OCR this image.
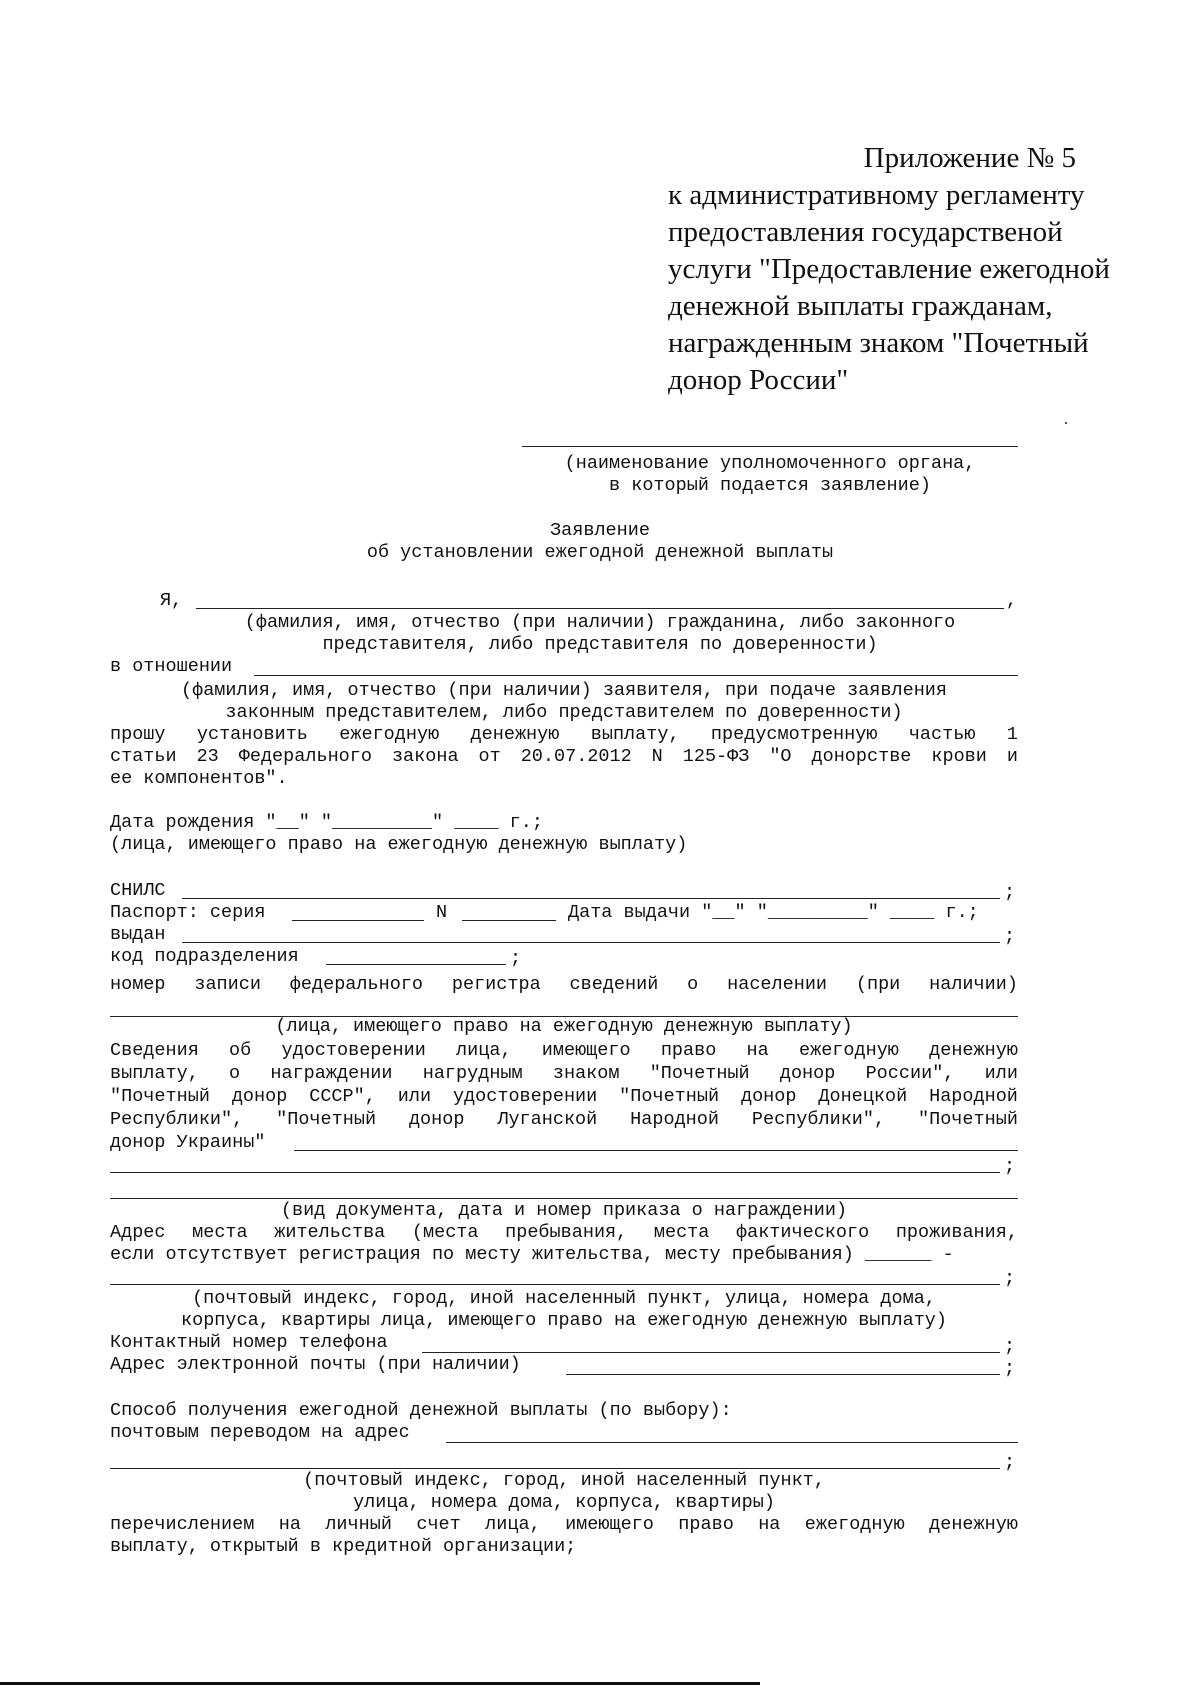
Приложение № 5
к административному регламенту
предоставления государственой
услуги "Предоставление ежегодной
денежной выплаты гражданам,
награжденным знаком "Почетный
донор России"
(наименование уполномоченного органа,
в который подается заявление)
Заявление
об установлении ежегодной денежной выплаты
Я,	,
(фамилия, имя, отчество (при наличии) гражданина, либо законного
представителя, либо представителя по доверенности)
в отношении
(фамилия, имя, отчество (при наличии) заявителя, при подаче заявления
законным представителем, либо представителем по доверенности)
прошу установить ежегодную денежную выплату, предусмотренную частью 1
статьи 23 Федерального закона от 20.07.2012 N 125-ФЗ "О донорстве крови и
ее компонентов".
Дата рождения "__" "_________" ____ г.;
(лица, имеющего право на ежегодную денежную выплату)
СНИЛС	;
Паспорт: серия	N	Дата выдачи "__" "_________" ____ г.;
выдан	;
код подразделения	;
номер записи федерального регистра сведений о населении (при наличии)
(лица, имеющего право на ежегодную денежную выплату)
Сведения об удостоверении лица, имеющего право на ежегодную денежную
выплату, о награждении нагрудным знаком "Почетный донор России", или
"Почетный донор СССР", или удостоверении "Почетный донор Донецкой Народной
Республики", "Почетный донор Луганской Народной Республики", "Почетный
донор Украины"
;
(вид документа, дата и номер приказа о награждении)
Адрес места жительства (места пребывания, места фактического проживания,
если отсутствует регистрация по месту жительства, месту пребывания) ______ -
;
(почтовый индекс, город, иной населенный пункт, улица, номера дома,
корпуса, квартиры лица, имеющего право на ежегодную денежную выплату)
Контактный номер телефона	;
Адрес электронной почты (при наличии)	;
Способ получения ежегодной денежной выплаты (по выбору):
почтовым переводом на адрес
;
(почтовый индекс, город, иной населенный пункт,
улица, номера дома, корпуса, квартиры)
перечислением на личный счет лица, имеющего право на ежегодную денежную
выплату, открытый в кредитной организации;
